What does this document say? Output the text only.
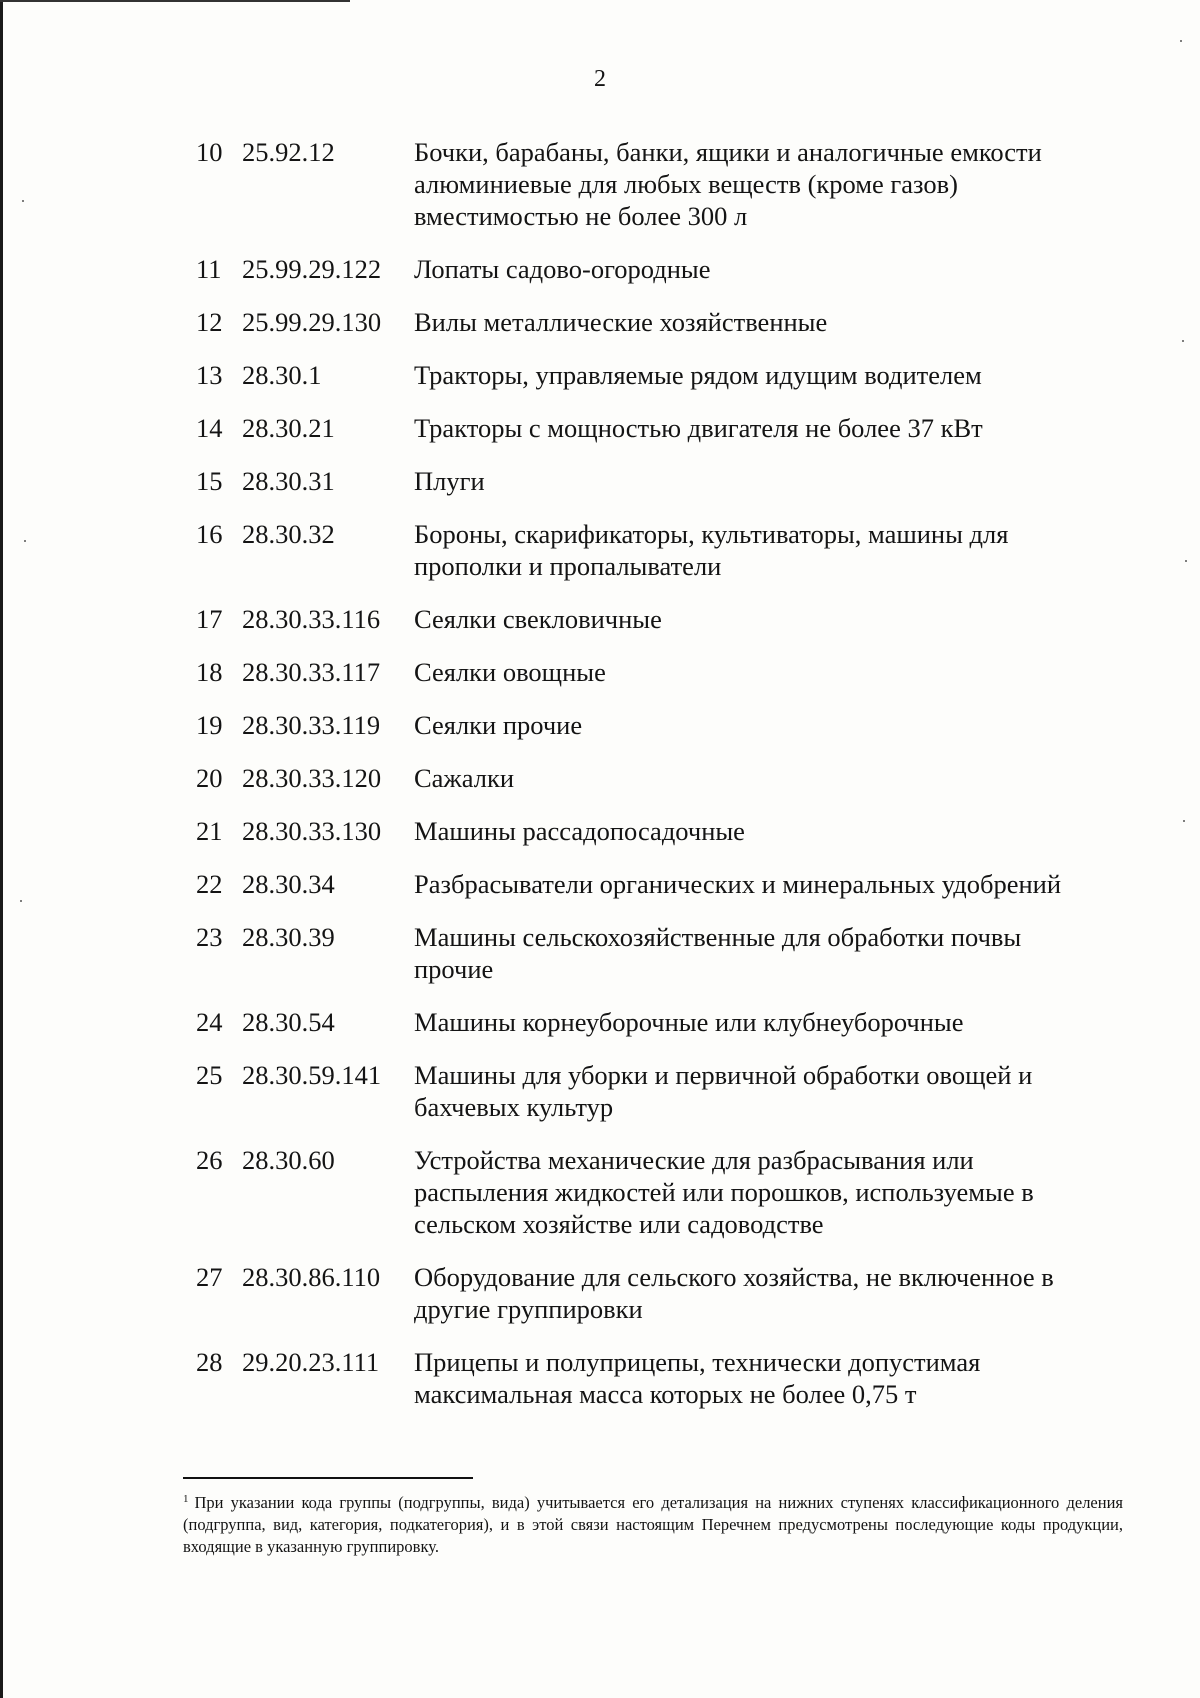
2
10 25.92.12	Бочки, барабаны, банки, ящики и аналогичные емкости
алюминиевые для любых веществ (кроме газов)
вместимостью не более 300 л
11 25.99.29.122	Лопаты садово-огородные
12 25.99.29.130	Вилы металлические хозяйственные
13 28.30.1	Тракторы, управляемые рядом идущим водителем
14 28.30.21	Тракторы с мощностью двигателя не более 37 кВт
15 28.30.31	Плуги
16 28.30.32	Бороны, скарификаторы, культиваторы, машины для
прополки и пропалыватели
17 28.30.33.116	Сеялки свекловичные
18 28.30.33.117	Сеялки овощные
19 28.30.33.119	Сеялки прочие
20 28.30.33.120	Сажалки
21 28.30.33.130	Машины рассадопосадочные
22 28.30.34	Разбрасыватели органических и минеральных удобрений
23 28.30.39	Машины сельскохозяйственные для обработки почвы
прочие
24 28.30.54	Машины корнеуборочные или клубнеуборочные
25 28.30.59.141	Машины для уборки и первичной обработки овощей и
бахчевых культур
26 28.30.60	Устройства механические для разбрасывания или
распыления жидкостей или порошков, используемые в
сельском хозяйстве или садоводстве
27 28.30.86.110	Оборудование для сельского хозяйства, не включенное в
другие группировки
28 29.20.23.111	Прицепы и полуприцепы, технически допустимая
максимальная масса которых не более 0,75 т
$^1$ При указании кода группы (подгруппы, вида) учитывается его детализация на нижних ступенях классификационного деления (подгруппа, вид, категория, подкатегория), и в этой связи настоящим Перечнем предусмотрены последующие коды продукции, входящие в указанную группировку.
